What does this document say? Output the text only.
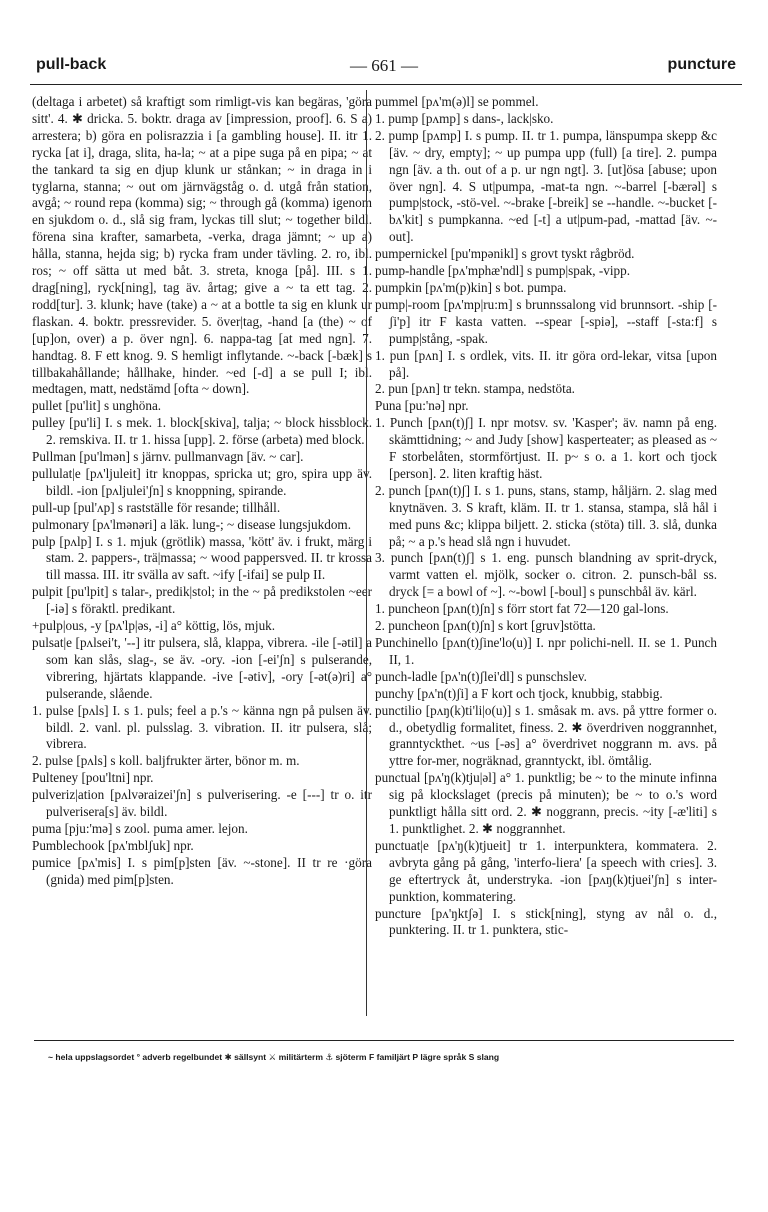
pull-back	— 661 —	puncture

(deltaga i arbetet) så kraftigt som rimligt-vis kan begäras, 'göra sitt'. 4. ✱ dricka. 5. boktr. draga av [impression, proof]. 6. S a) arrestera; b) göra en polisrazzia i [a gambling house]. II. itr 1. rycka [at i], draga, slita, ha-la; ~ at a pipe suga på en pipa; ~ at the tankard ta sig en djup klunk ur stånkan; ~ in draga in i tyglarna, stanna; ~ out om järnvägståg o. d. utgå från station, avgå; ~ round repa (komma) sig; ~ through gå (komma) igenom en sjukdom o. d., slå sig fram, lyckas till slut; ~ together bildl. förena sina krafter, samarbeta, -verka, draga jämnt; ~ up a) hålla, stanna, hejda sig; b) rycka fram under tävling. 2. ro, ibl. ros; ~ off sätta ut med båt. 3. streta, knoga [på]. III. s 1. drag[ning], ryck[ning], tag äv. årtag; give a ~ ta ett tag. 2. rodd[tur]. 3. klunk; have (take) a ~ at a bottle ta sig en klunk ur flaskan. 4. boktr. pressrevider. 5. över|tag, -hand [a (the) ~ of [up]on, over) a p. över ngn]. 6. nappa-tag [at med ngn]. 7. handtag. 8. F ett knog. 9. S hemligt inflytande. ~-back [-bæk] s tillbakahållande; hållhake, hinder. ~ed [-d] a se pull I; ibl. medtagen, matt, nedstämd [ofta ~ down].

pullet [pu'lit] s unghöna.

pulley [pu'li] I. s mek. 1. block[skiva], talja; ~ block hissblock. 2. remskiva. II. tr 1. hissa [upp]. 2. förse (arbeta) med block.

Pullman [pu'lmən] s järnv. pullmanvagn [äv. ~ car].

pullulat|e [pʌ'ljuleit] itr knoppas, spricka ut; gro, spira upp äv. bildl. -ion [pʌljulei'ʃn] s knoppning, spirande.

pull-up [pul'ʌp] s rastställe för resande; tillhåll.

pulmonary [pʌ'lmənəri] a läk. lung-; ~ disease lungsjukdom.

pulp [pʌlp] I. s 1. mjuk (grötlik) massa, 'kött' äv. i frukt, märg i stam. 2. pappers-, trä|massa; ~ wood pappersved. II. tr krossa till massa. III. itr svälla av saft. ~ify [-ifai] se pulp II.

pulpit [pu'lpit] s talar-, predik|stol; in the ~ på predikstolen ~eer [-iə] s föraktl. predikant.

+pulp|ous, -y [pʌ'lp|əs, -i] a° köttig, lös, mjuk.

pulsat|e [pʌlsei't, '--] itr pulsera, slå, klappa, vibrera. -ile [-ətil] a som kan slås, slag-, se äv. -ory. -ion [-ei'ʃn] s pulserande, vibrering, hjärtats klappande. -ive [-ətiv], -ory [-ət(ə)ri] a° pulserande, slående.

1. pulse [pʌls] I. s 1. puls; feel a p.'s ~ känna ngn på pulsen äv. bildl. 2. vanl. pl. pulsslag. 3. vibration. II. itr pulsera, slå; vibrera.

2. pulse [pʌls] s koll. baljfrukter ärter, bönor m. m.

Pulteney [pou'ltni] npr.

pulveriz|ation [pʌlvəraizei'ʃn] s pulverisering. -e [---] tr o. itr pulverisera[s] äv. bildl.

puma [pju:'mə] s zool. puma amer. lejon.

Pumblechook [pʌ'mblʃuk] npr.

pumice [pʌ'mis] I. s pim[p]sten [äv. ~-stone]. II tr re ·göra (gnida) med pim[p]sten.

pummel [pʌ'm(ə)l] se pommel.

1. pump [pʌmp] s dans-, lack|sko.

2. pump [pʌmp] I. s pump. II. tr 1. pumpa, länspumpa skepp &c [äv. ~ dry, empty]; ~ up pumpa upp (full) [a tire]. 2. pumpa ngn [äv. a th. out of a p. ur ngn ngt]. 3. [ut]ösa [abuse; upon över ngn]. 4. S ut|pumpa, -mat-ta ngn. ~-barrel [-bærəl] s pump|stock, -stö-vel. ~-brake [-breik] se --handle. ~-bucket [-bʌ'kit] s pumpkanna. ~ed [-t] a ut|pum-pad, -mattad [äv. ~-out].

pumpernickel [pu'mpənikl] s grovt tyskt rågbröd.

pump-handle [pʌ'mphæ'ndl] s pump|spak, -vipp.

pumpkin [pʌ'm(p)kin] s bot. pumpa.

pump|-room [pʌ'mp|ru:m] s brunnssalong vid brunnsort. -ship [-ʃi'p] itr F kasta vatten. --spear [-spiə], --staff [-sta:f] s pump|stång, -spak.

1. pun [pʌn] I. s ordlek, vits. II. itr göra ord-lekar, vitsa [upon på].

2. pun [pʌn] tr tekn. stampa, nedstöta.

Puna [pu:'nə] npr.

1. Punch [pʌn(t)ʃ] I. npr motsv. sv. 'Kasper'; äv. namn på eng. skämttidning; ~ and Judy [show] kasperteater; as pleased as ~ F storbelåten, stormförtjust. II. p~ s o. a 1. kort och tjock [person]. 2. liten kraftig häst.

2. punch [pʌn(t)ʃ] I. s 1. puns, stans, stamp, håljärn. 2. slag med knytnäven. 3. S kraft, kläm. II. tr 1. stansa, stampa, slå hål i med puns &c; klippa biljett. 2. sticka (stöta) till. 3. slå, dunka på; ~ a p.'s head slå ngn i huvudet.

3. punch [pʌn(t)ʃ] s 1. eng. punsch blandning av sprit-dryck, varmt vatten el. mjölk, socker o. citron. 2. punsch-bål ss. dryck [= a bowl of ~]. ~-bowl [-boul] s punschbål äv. kärl.

1. puncheon [pʌn(t)ʃn] s förr stort fat 72—120 gal-lons.

2. puncheon [pʌn(t)ʃn] s kort [gruv]stötta.

Punchinello [pʌn(t)ʃine'lo(u)] I. npr polichi-nell. II. se 1. Punch II, 1.

punch-ladle [pʌ'n(t)ʃlei'dl] s punschslev.

punchy [pʌ'n(t)ʃi] a F kort och tjock, knubbig, stabbig.

punctilio [pʌŋ(k)ti'li|o(u)] s 1. småsak m. avs. på yttre former o. d., obetydlig formalitet, finess. 2. ✱ överdriven noggrannhet, granntyckthet. ~us [-əs] a° överdrivet noggrann m. avs. på yttre for-mer, nogräknad, granntyckt, ibl. ömtålig.

punctual [pʌ'ŋ(k)tju|əl] a° 1. punktlig; be ~ to the minute infinna sig på klockslaget (precis på minuten); be ~ to o.'s word punktligt hålla sitt ord. 2. ✱ noggrann, precis. ~ity [-æ'liti] s 1. punktlighet. 2. ✱ noggrannhet.

punctuat|e [pʌ'ŋ(k)tjueit] tr 1. interpunktera, kommatera. 2. avbryta gång på gång, 'interfo-liera' [a speech with cries]. 3. ge eftertryck åt, understryka. -ion [pʌŋ(k)tjuei'ʃn] s inter-punktion, kommatering.

puncture [pʌ'ŋktʃə] I. s stick[ning], styng av nål o. d., punktering. II. tr 1. punktera, stic-

~ hela uppslagsordet ° adverb regelbundet ✱ sällsynt ⚔ militärterm ⚓ sjöterm F familjärt P lägre språk S slang
